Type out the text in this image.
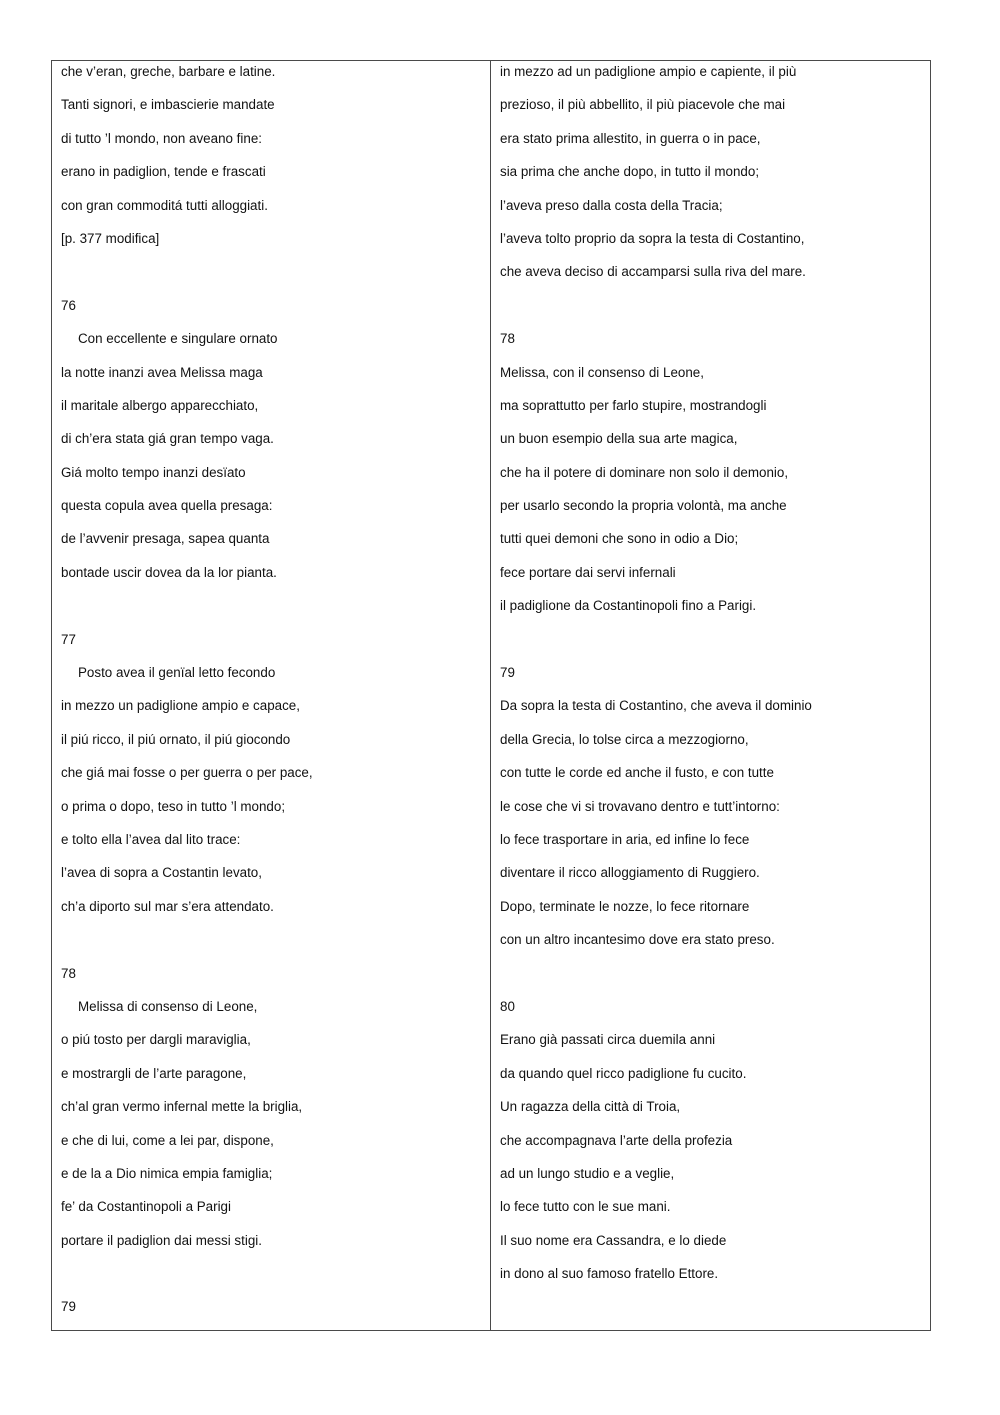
che v’eran, greche, barbare e latine.
Tanti signori, e imbascierie mandate
di tutto ’l mondo, non aveano fine:
erano in padiglion, tende e frascati
con gran commoditá tutti alloggiati.
[p. 377 modifica]
76
Con eccellente e singulare ornato
la notte inanzi avea Melissa maga
il maritale albergo apparecchiato,
di ch’era stata giá gran tempo vaga.
Giá molto tempo inanzi desïato
questa copula avea quella presaga:
de l’avvenir presaga, sapea quanta
bontade uscir dovea da la lor pianta.
77
Posto avea il genïal letto fecondo
in mezzo un padiglione ampio e capace,
il piú ricco, il piú ornato, il piú giocondo
che giá mai fosse o per guerra o per pace,
o prima o dopo, teso in tutto ’l mondo;
e tolto ella l’avea dal lito trace:
l’avea di sopra a Costantin levato,
ch’a diporto sul mar s’era attendato.
78
Melissa di consenso di Leone,
o piú tosto per dargli maraviglia,
e mostrargli de l’arte paragone,
ch’al gran vermo infernal mette la briglia,
e che di lui, come a lei par, dispone,
e de la a Dio nimica empia famiglia;
fe’ da Costantinopoli a Parigi
portare il padiglion dai messi stigi.
79
in mezzo ad un padiglione ampio e capiente, il più
prezioso, il più abbellito, il più piacevole che mai
era stato prima allestito, in guerra o in pace,
sia prima che anche dopo, in tutto il mondo;
l’aveva preso dalla costa della Tracia;
l’aveva tolto proprio da sopra la testa di Costantino,
che aveva deciso di accamparsi sulla riva del mare.
78
Melissa, con il consenso di Leone,
ma soprattutto per farlo stupire, mostrandogli
un buon esempio della sua arte magica,
che ha il potere di dominare non solo il demonio,
per usarlo secondo la propria volontà, ma anche
tutti quei demoni che sono in odio a Dio;
fece portare dai servi infernali
il padiglione da Costantinopoli fino a Parigi.
79
Da sopra la testa di Costantino, che aveva il dominio
della Grecia, lo tolse circa a mezzogiorno,
con tutte le corde ed anche il fusto, e con tutte
le cose che vi si trovavano dentro e tutt’intorno:
lo fece trasportare in aria, ed infine lo fece
diventare il ricco alloggiamento di Ruggiero.
Dopo, terminate le nozze, lo fece ritornare
con un altro incantesimo dove era stato preso.
80
Erano già passati circa duemila anni
da quando quel ricco padiglione fu cucito.
Un ragazza della città di Troia,
che accompagnava l’arte della profezia
ad un lungo studio e a veglie,
lo fece tutto con le sue mani.
Il suo nome era Cassandra, e lo diede
in dono al suo famoso fratello Ettore.
